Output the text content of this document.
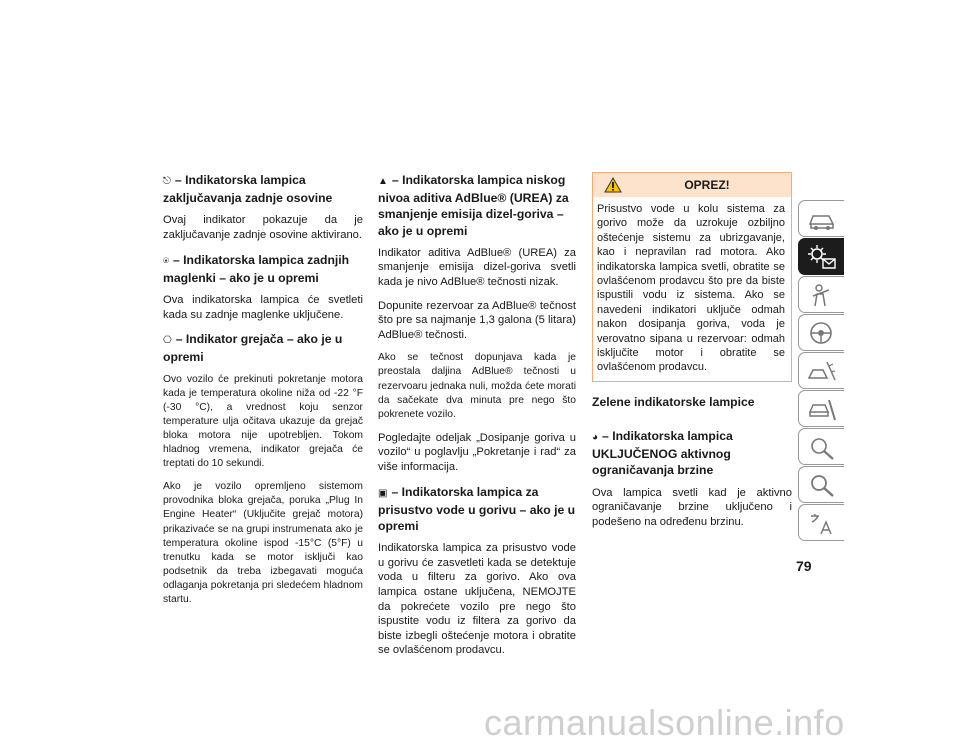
⎋ – Indikatorska lampica zaključavanja zadnje osovine

Ovaj indikator pokazuje da je zaključavanje zadnje osovine aktivirano.

⍟ – Indikatorska lampica zadnjih maglenki – ako je u opremi

Ova indikatorska lampica će svetleti kada su zadnje maglenke uključene.

⎔ – Indikator grejača – ako je u opremi

Ovo vozilo će prekinuti pokretanje motora kada je temperatura okoline niža od -22 °F (-30 °C), a vrednost koju senzor temperature ulja očitava ukazuje da grejač bloka motora nije upotrebljen. Tokom hladnog vremena, indikator grejača će treptati do 10 sekundi.

Ako je vozilo opremljeno sistemom provodnika bloka grejača, poruka „Plug In Engine Heater“ (Uključite grejač motora) prikazivaće se na grupi instrumenata ako je temperatura okoline ispod -15°C (5°F) u trenutku kada se motor isključi kao podsetnik da treba izbegavati moguća odlaganja pokretanja pri sledećem hladnom startu.

▲ – Indikatorska lampica niskog nivoa aditiva AdBlue® (UREA) za smanjenje emisija dizel-goriva – ako je u opremi

Indikator aditiva AdBlue® (UREA) za smanjenje emisija dizel-goriva svetli kada je nivo AdBlue® tečnosti nizak.

Dopunite rezervoar za AdBlue® tečnost što pre sa najmanje 1,3 galona (5 litara) AdBlue® tečnosti.

Ako se tečnost dopunjava kada je preostala daljina AdBlue® tečnosti u rezervoaru jednaka nuli, možda ćete morati da sačekate dva minuta pre nego što pokrenete vozilo.

Pogledajte odeljak „Dosipanje goriva u vozilo“ u poglavlju „Pokretanje i rad“ za više informacija.

▣ – Indikatorska lampica za prisustvo vode u gorivu – ako je u opremi

Indikatorska lampica za prisustvo vode u gorivu će zasvetleti kada se detektuje voda u filteru za gorivo. Ako ova lampica ostane uključena, NEMOJTE da pokrećete vozilo pre nego što ispustite vodu iz filtera za gorivo da biste izbegli oštećenje motora i obratite se ovlašćenom prodavcu.

OPREZ!
Prisustvo vode u kolu sistema za gorivo može da uzrokuje ozbiljno oštećenje sistemu za ubrizgavanje, kao i nepravilan rad motora. Ako indikatorska lampica svetli, obratite se ovlašćenom prodavcu što pre da biste ispustili vodu iz sistema. Ako se navedeni indikatori uključe odmah nakon dosipanja goriva, voda je verovatno sipana u rezervoar: odmah isključite motor i obratite se ovlašćenom prodavcu.
Zelene indikatorske lampice
◕ – Indikatorska lampica UKLJUČENOG aktivnog ograničavanja brzine

Ova lampica svetli kad je aktivno ograničavanje brzine uključeno i podešeno na određenu brzinu.

79
carmanualsonline.info
